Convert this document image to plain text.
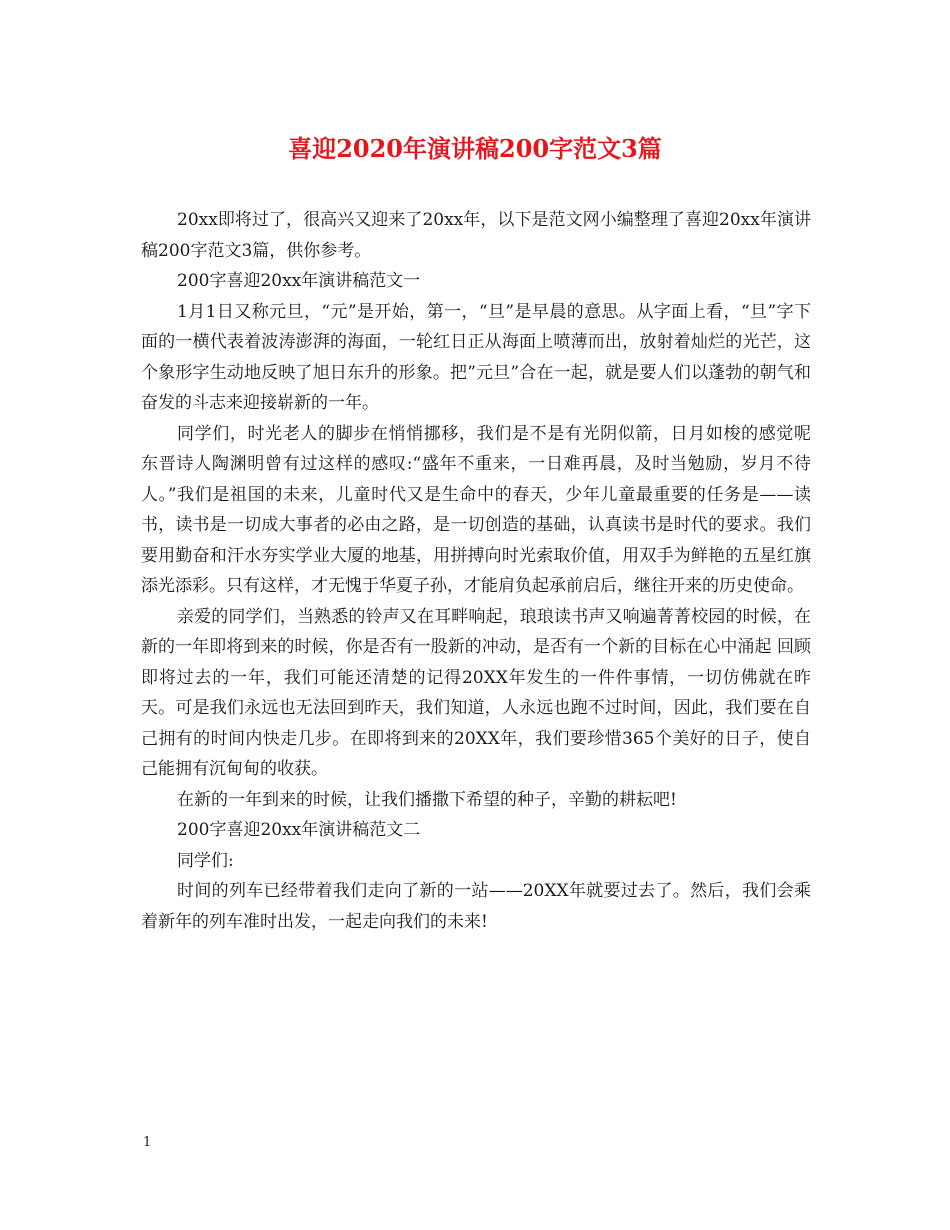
喜迎2020年演讲稿200字范文3篇

20xx即将过了，很高兴又迎来了20xx年，以下是范文网小编整理了喜迎20xx年演讲稿200字范文3篇，供你参考。

200字喜迎20xx年演讲稿范文一

1月1日又称元旦，“元”是开始，第一，“旦”是早晨的意思。从字面上看，“旦”字下面的一横代表着波涛澎湃的海面，一轮红日正从海面上喷薄而出，放射着灿烂的光芒，这个象形字生动地反映了旭日东升的形象。把”元旦”合在一起，就是要人们以蓬勃的朝气和奋发的斗志来迎接崭新的一年。

同学们，时光老人的脚步在悄悄挪移，我们是不是有光阴似箭，日月如梭的感觉呢 东晋诗人陶渊明曾有过这样的感叹:“盛年不重来，一日难再晨，及时当勉励，岁月不待人。”我们是祖国的未来，儿童时代又是生命中的春天，少年儿童最重要的任务是——读书，读书是一切成大事者的必由之路，是一切创造的基础，认真读书是时代的要求。我们要用勤奋和汗水夯实学业大厦的地基，用拼搏向时光索取价值，用双手为鲜艳的五星红旗添光添彩。只有这样，才无愧于华夏子孙，才能肩负起承前启后，继往开来的历史使命。

亲爱的同学们，当熟悉的铃声又在耳畔响起，琅琅读书声又响遍菁菁校园的时候，在新的一年即将到来的时候，你是否有一股新的冲动，是否有一个新的目标在心中涌起 回顾即将过去的一年，我们可能还清楚的记得20XX年发生的一件件事情，一切仿佛就在昨天。可是我们永远也无法回到昨天，我们知道，人永远也跑不过时间，因此，我们要在自己拥有的时间内快走几步。在即将到来的20XX年，我们要珍惜365个美好的日子，使自己能拥有沉甸甸的收获。

在新的一年到来的时候，让我们播撒下希望的种子，辛勤的耕耘吧!

200字喜迎20xx年演讲稿范文二

同学们:

时间的列车已经带着我们走向了新的一站——20XX年就要过去了。然后，我们会乘着新年的列车准时出发，一起走向我们的未来!

1
